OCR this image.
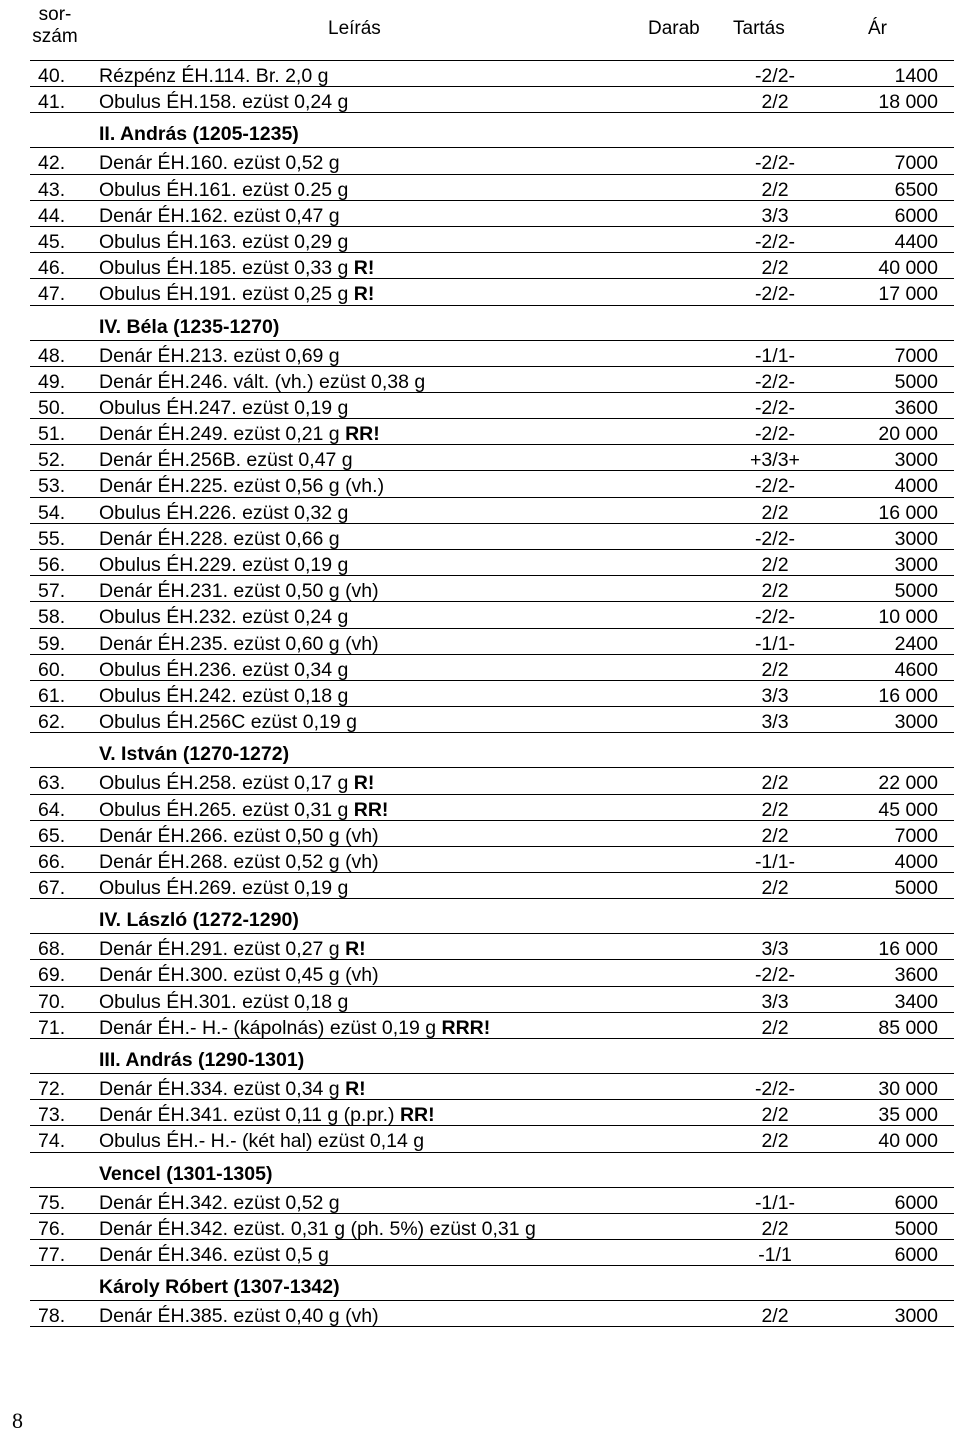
sor-
szám	Leírás	Darab Tartás	Ár
40. Rézpénz ÉH.114. Br. 2,0 g	-2/2-	1400
41. Obulus ÉH.158. ezüst 0,24 g	2/2	18 000
II. András (1205-1235)
42. Denár ÉH.160. ezüst 0,52 g	-2/2-	7000
43. Obulus ÉH.161. ezüst 0.25 g	2/2	6500
44. Denár ÉH.162. ezüst 0,47 g	3/3	6000
45. Obulus ÉH.163. ezüst 0,29 g	-2/2-	4400
46. Obulus ÉH.185. ezüst 0,33 g R!	2/2	40 000
47. Obulus ÉH.191. ezüst 0,25 g R!	-2/2-	17 000
IV. Béla (1235-1270)
48. Denár ÉH.213. ezüst 0,69 g	-1/1-	7000
49. Denár ÉH.246. vált. (vh.) ezüst 0,38 g	-2/2-	5000
50. Obulus ÉH.247. ezüst 0,19 g	-2/2-	3600
51. Denár ÉH.249. ezüst 0,21 g RR!	-2/2-	20 000
52. Denár ÉH.256B. ezüst 0,47 g	+3/3+	3000
53. Denár ÉH.225. ezüst 0,56 g (vh.)	-2/2-	4000
54. Obulus ÉH.226. ezüst 0,32 g	2/2	16 000
55. Denár ÉH.228. ezüst 0,66 g	-2/2-	3000
56. Obulus ÉH.229. ezüst 0,19 g	2/2	3000
57. Denár ÉH.231. ezüst 0,50 g (vh)	2/2	5000
58. Obulus ÉH.232. ezüst 0,24 g	-2/2-	10 000
59. Denár ÉH.235. ezüst 0,60 g (vh)	-1/1-	2400
60. Obulus ÉH.236. ezüst 0,34 g	2/2	4600
61. Obulus ÉH.242. ezüst 0,18 g	3/3	16 000
62. Obulus ÉH.256C ezüst 0,19 g	3/3	3000
V. István (1270-1272)
63. Obulus ÉH.258. ezüst 0,17 g R!	2/2	22 000
64. Obulus ÉH.265. ezüst 0,31 g RR!	2/2	45 000
65. Denár ÉH.266. ezüst 0,50 g (vh)	2/2	7000
66. Denár ÉH.268. ezüst 0,52 g (vh)	-1/1-	4000
67. Obulus ÉH.269. ezüst 0,19 g	2/2	5000
IV. László (1272-1290)
68. Denár ÉH.291. ezüst 0,27 g R!	3/3	16 000
69. Denár ÉH.300. ezüst 0,45 g (vh)	-2/2-	3600
70. Obulus ÉH.301. ezüst 0,18 g	3/3	3400
71. Denár ÉH.- H.- (kápolnás) ezüst 0,19 g RRR!	2/2	85 000
III. András (1290-1301)
72. Denár ÉH.334. ezüst 0,34 g R!	-2/2-	30 000
73. Denár ÉH.341. ezüst 0,11 g (p.pr.) RR!	2/2	35 000
74. Obulus ÉH.- H.- (két hal) ezüst 0,14 g	2/2	40 000
Vencel (1301-1305)
75. Denár ÉH.342. ezüst 0,52 g	-1/1-	6000
76. Denár ÉH.342. ezüst. 0,31 g (ph. 5%) ezüst 0,31 g	2/2	5000
77. Denár ÉH.346. ezüst 0,5 g	-1/1	6000
Károly Róbert (1307-1342)
78. Denár ÉH.385. ezüst 0,40 g (vh)	2/2	3000
8
